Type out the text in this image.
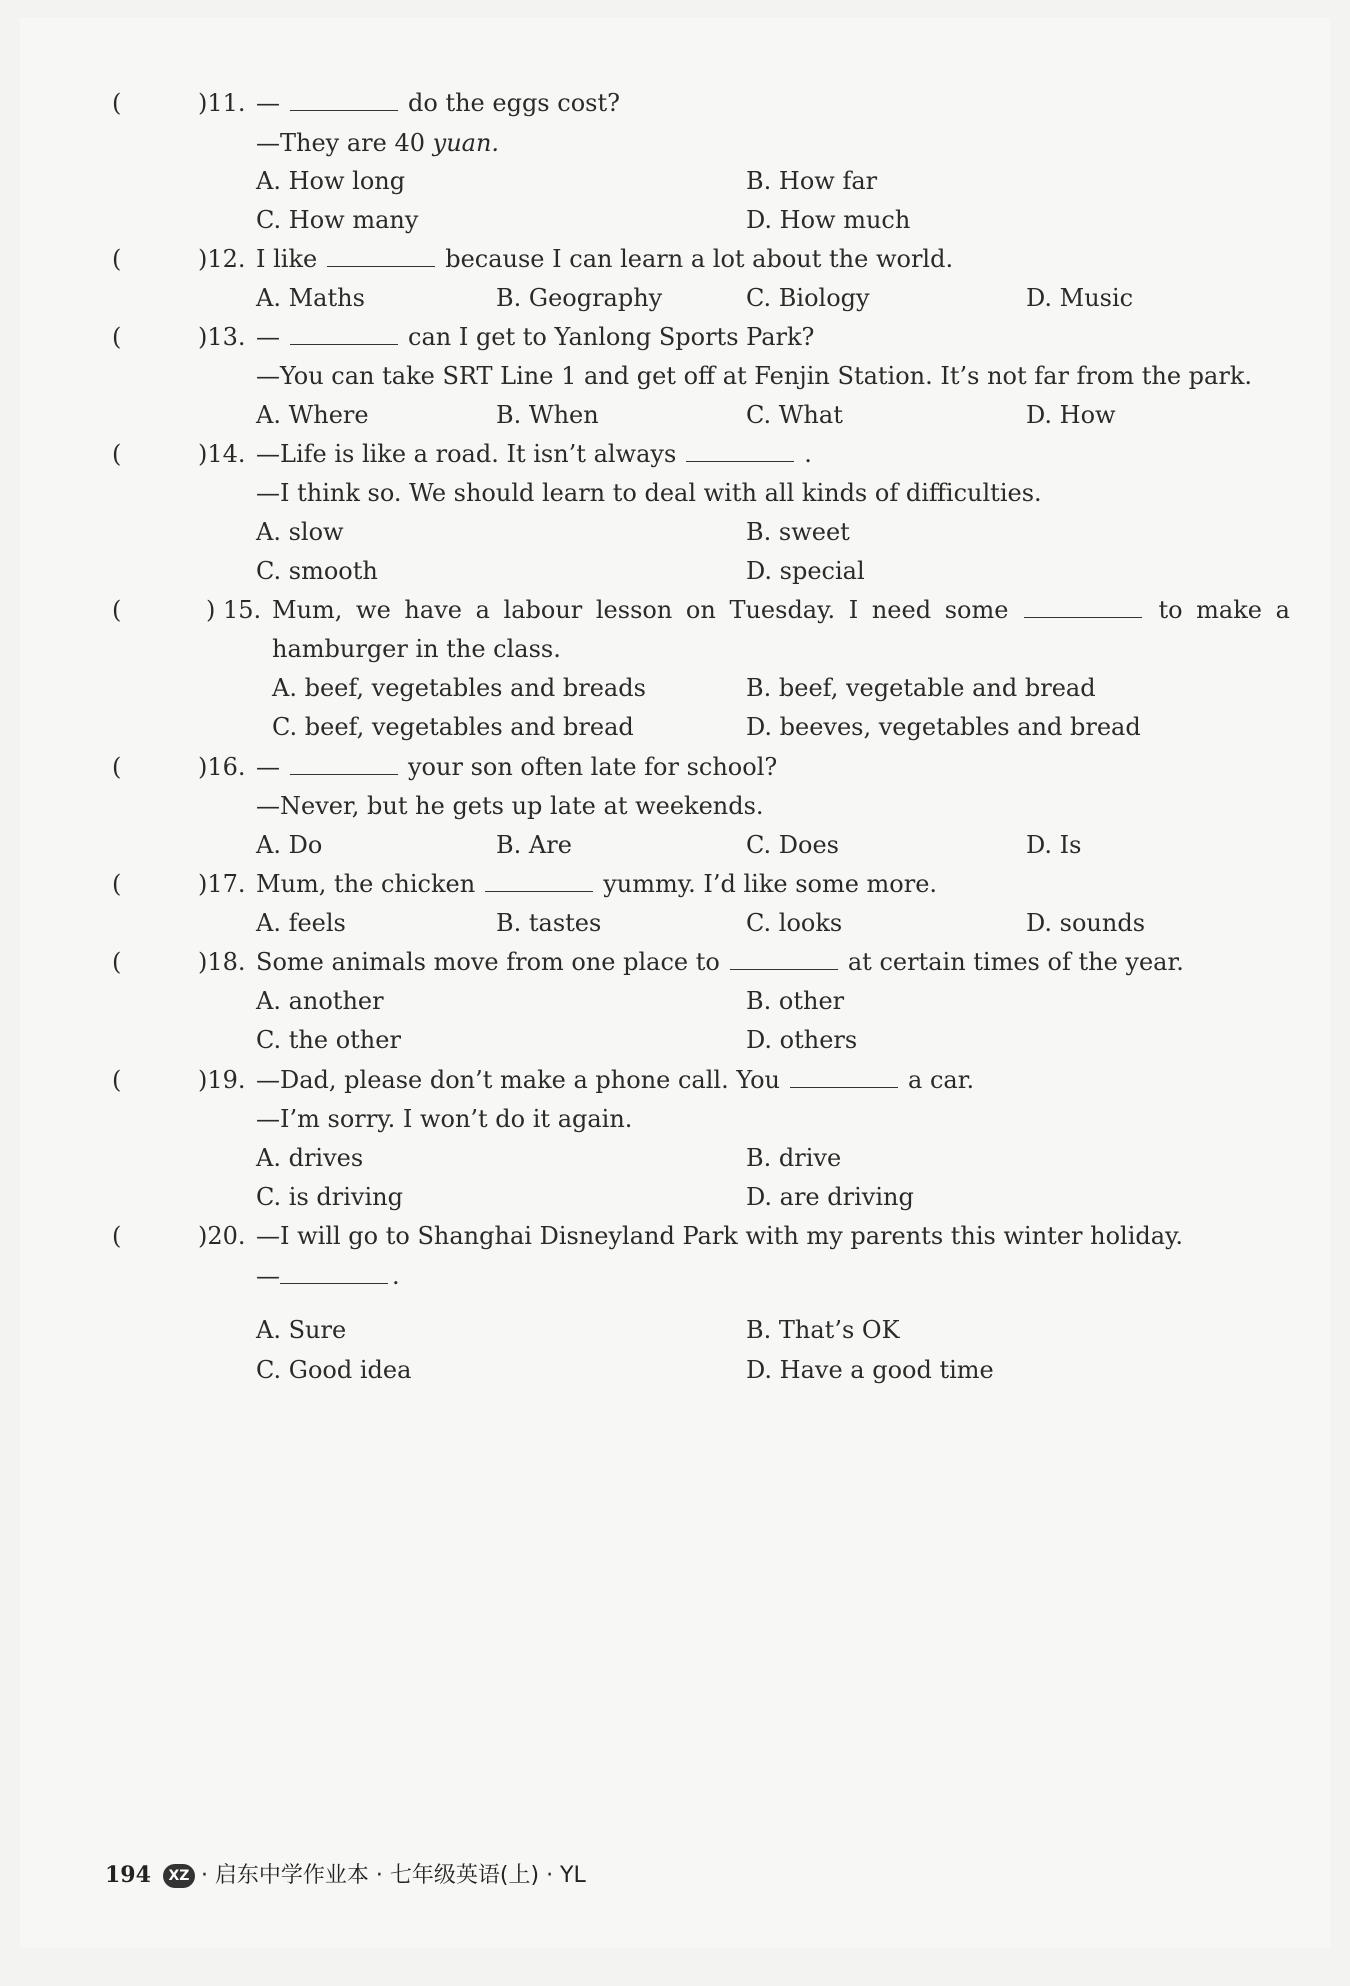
(	)11. —	do the eggs cost?
—They are 40 yuan.
A. How long	B. How far
C. How many	D. How much
(	)12. I like	because I can learn a lot about the world.
A. Maths	B. Geography	C. Biology	D. Music
(	)13. —	can I get to Yanlong Sports Park?
—You can take SRT Line 1 and get off at Fenjin Station. It’s not far from the park.
A. Where	B. When	C. What	D. How
(	)14. —Life is like a road. It isn’t always	.
—I think so. We should learn to deal with all kinds of difficulties.
A. slow	B. sweet
C. smooth	D. special
(	) 15. Mum, we have a labour lesson on Tuesday. I need some	to make a
hamburger in the class.
A. beef, vegetables and breads	B. beef, vegetable and bread
C. beef, vegetables and bread	D. beeves, vegetables and bread
(	)16. —	your son often late for school?
—Never, but he gets up late at weekends.
A. Do	B. Are	C. Does	D. Is
(	)17. Mum, the chicken	yummy. I’d like some more.
A. feels	B. tastes	C. looks	D. sounds
(	)18. Some animals move from one place to	at certain times of the year.
A. another	B. other
C. the other	D. others
(	)19. —Dad, please don’t make a phone call. You	a car.
—I’m sorry. I won’t do it again.
A. drives	B. drive
C. is driving	D. are driving
(	)20. —I will go to Shanghai Disneyland Park with my parents this winter holiday.
—	.
A. Sure	B. That’s OK
C. Good idea	D. Have a good time
194 XZ · 启东中学作业本 · 七年级英语(上) · YL
